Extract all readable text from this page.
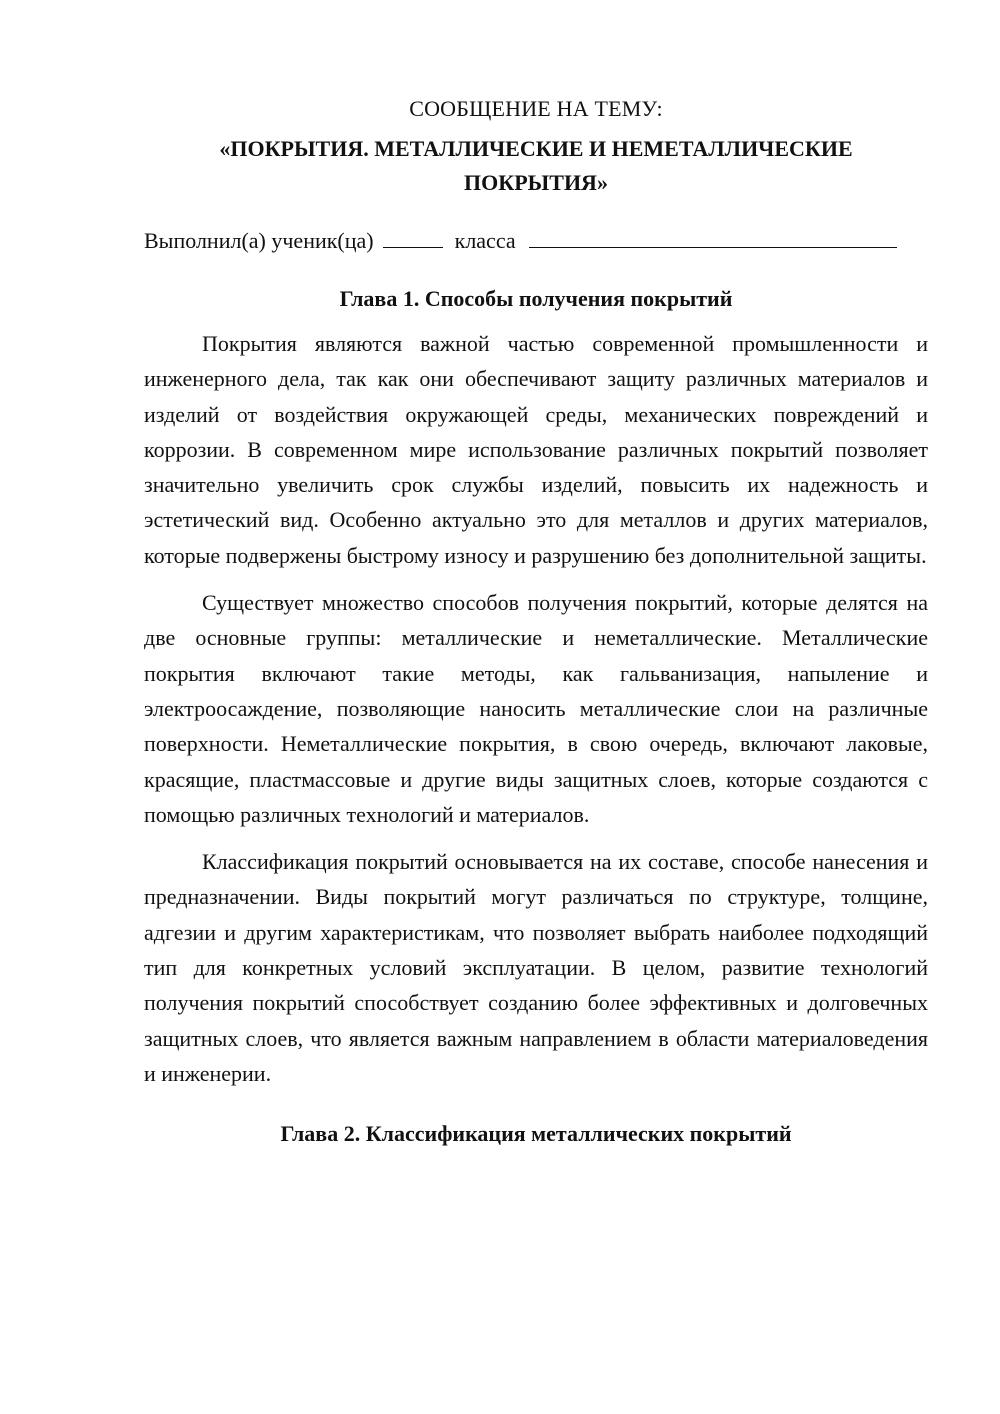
СООБЩЕНИЕ НА ТЕМУ:
«ПОКРЫТИЯ. МЕТАЛЛИЧЕСКИЕ И НЕМЕТАЛЛИЧЕСКИЕ ПОКРЫТИЯ»
Выполнил(а) ученик(ца)	класса
Глава 1. Способы получения покрытий

Покрытия являются важной частью современной промышленности и инженерного дела, так как они обеспечивают защиту различных материалов и изделий от воздействия окружающей среды, механических повреждений и коррозии. В современном мире использование различных покрытий позволяет значительно увеличить срок службы изделий, повысить их надежность и эстетический вид. Особенно актуально это для металлов и других материалов, которые подвержены быстрому износу и разрушению без дополнительной защиты.

Существует множество способов получения покрытий, которые делятся на две основные группы: металлические и неметаллические. Металлические покрытия включают такие методы, как гальванизация, напыление и электроосаждение, позволяющие наносить металлические слои на различные поверхности. Неметаллические покрытия, в свою очередь, включают лаковые, красящие, пластмассовые и другие виды защитных слоев, которые создаются с помощью различных технологий и материалов.

Классификация покрытий основывается на их составе, способе нанесения и предназначении. Виды покрытий могут различаться по структуре, толщине, адгезии и другим характеристикам, что позволяет выбрать наиболее подходящий тип для конкретных условий эксплуатации. В целом, развитие технологий получения покрытий способствует созданию более эффективных и долговечных защитных слоев, что является важным направлением в области материаловедения и инженерии.

Глава 2. Классификация металлических покрытий
